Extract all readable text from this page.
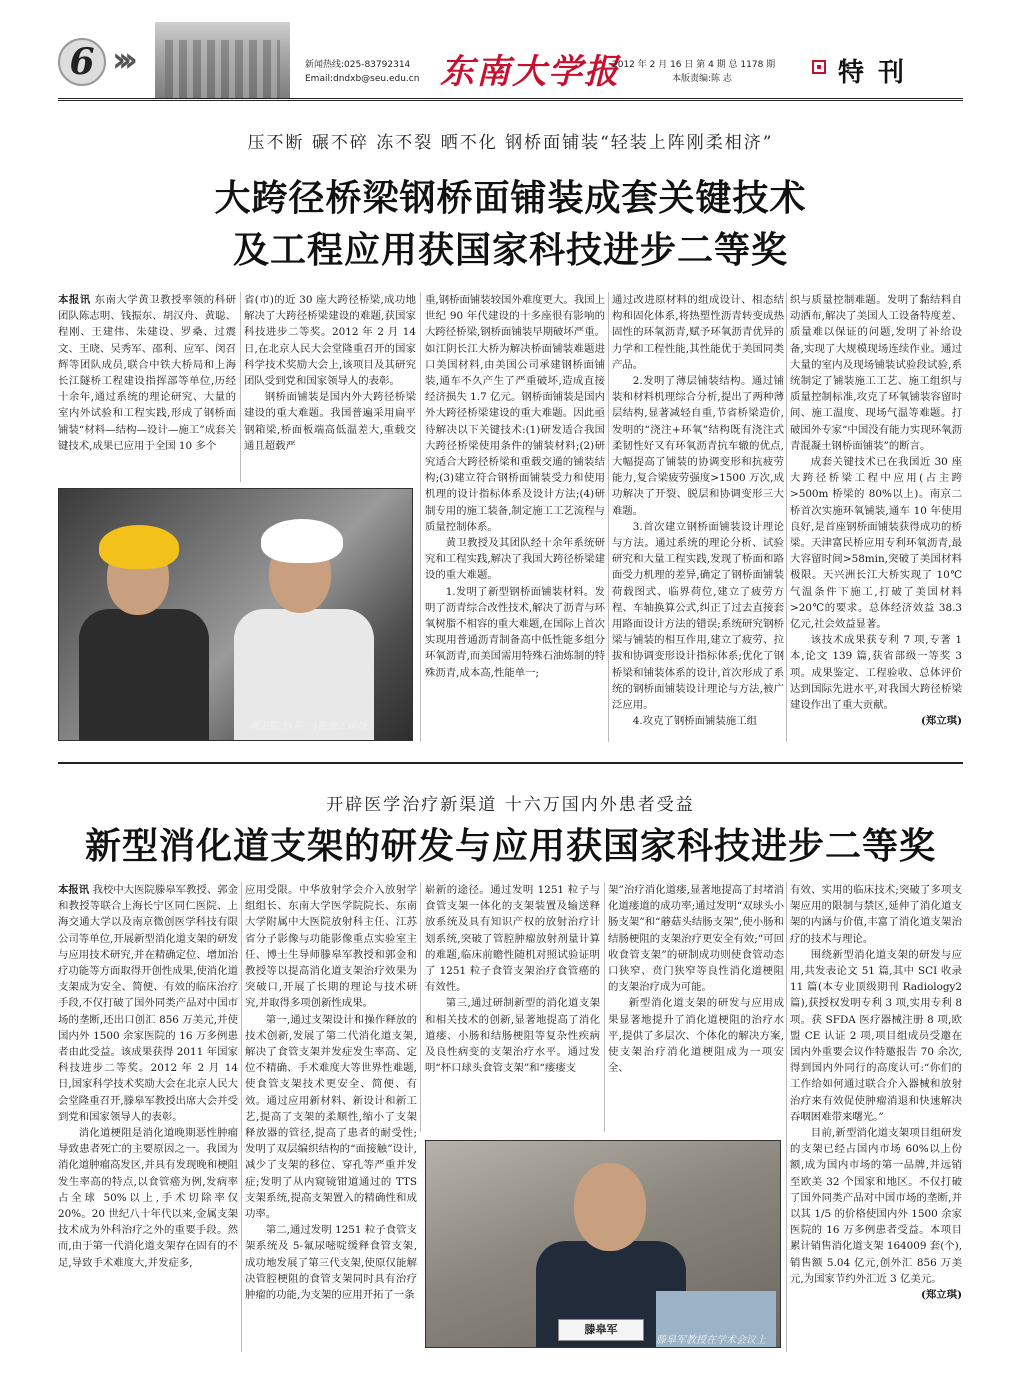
6 ›››	新闻热线:025-83792314
Email:dndxb@seu.edu.cn 东南大学报
2012 年 2 月 16 日 第 4 期 总 1178 期
本版责编:陈 志	特刊
压不断 碾不碎 冻不裂 晒不化 钢桥面铺装“轻装上阵刚柔相济”
大跨径桥梁钢桥面铺装成套关键技术
及工程应用获国家科技进步二等奖

本报讯 东南大学黄卫教授率领的科研团队陈志明、钱振东、胡汉舟、黄聪、程刚、王建伟、朱建设、罗桑、过震文、王晓、吴秀军、邵利、应军、闵召辉等团队成员,联合中铁大桥局和上海长江隧桥工程建设指挥部等单位,历经十余年,通过系统的理论研究、大量的室内外试验和工程实践,形成了钢桥面铺装“材料—结构—设计—施工”成套关键技术,成果已应用于全国 10 多个

省(市)的近 30 座大跨径桥梁,成功地解决了大跨径桥梁建设的难题,获国家科技进步二等奖。2012 年 2 月 14 日,在北京人民大会堂隆重召开的国家科学技术奖励大会上,该项目及其研究团队受到党和国家领导人的表彰。

钢桥面铺装是国内外大跨径桥梁建设的重大难题。我国普遍采用扁平钢箱梁,桥面板端高低温差大,重载交通且超载严

黄卫院士(左一)在施工现场

重,钢桥面铺装较国外难度更大。我国上世纪 90 年代建设的十多座很有影响的大跨径桥梁,钢桥面铺装早期破坏严重。如江阴长江大桥为解决桥面铺装难题进口美国材料,由美国公司承建钢桥面铺装,通车不久产生了严重破坏,造成直接经济损失 1.7 亿元。钢桥面铺装是国内外大跨径桥梁建设的重大难题。因此亟待解决以下关键技术:(1)研发适合我国大跨径桥梁使用条件的铺装材料;(2)研究适合大跨径桥梁和重载交通的铺装结构;(3)建立符合钢桥面铺装受力和使用机理的设计指标体系及设计方法;(4)研制专用的施工装备,制定施工工艺流程与质量控制体系。

黄卫教授及其团队经十余年系统研究和工程实践,解决了我国大跨径桥梁建设的重大难题。

1.发明了新型钢桥面铺装材料。发明了沥青综合改性技术,解决了沥青与环氧树脂不相容的重大难题,在国际上首次实现用普通沥青制备高中低性能多组分环氧沥青,而美国需用特殊石油炼制的特殊沥青,成本高,性能单一;

通过改进原材料的组成设计、相态结构和固化体系,将热塑性沥青转变成热固性的环氧沥青,赋予环氧沥青优异的力学和工程性能,其性能优于美国同类产品。

2.发明了薄层铺装结构。通过铺装和材料机理综合分析,提出了两种薄层结构,显著减轻自重,节省桥梁造价,发明的“浇注+环氧”结构既有浇注式柔韧性好又有环氧沥青抗车辙的优点,大幅提高了铺装的协调变形和抗疲劳能力,复合梁疲劳强度>1500 万次,成功解决了开裂、脱层和协调变形三大难题。

3.首次建立钢桥面铺装设计理论与方法。通过系统的理论分析、试验研究和大量工程实践,发现了桥面和路面受力机理的差异,确定了钢桥面铺装荷载图式、临界荷位,建立了疲劳方程、车轴换算公式,纠正了过去直接套用路面设计方法的错误;系统研究钢桥梁与铺装的相互作用,建立了疲劳、拉拔和协调变形设计指标体系;优化了钢桥梁和铺装体系的设计,首次形成了系统的钢桥面铺装设计理论与方法,被广泛应用。

4.攻克了钢桥面铺装施工组

织与质量控制难题。发明了黏结料自动洒布,解决了美国人工设备特度差、质量难以保证的问题,发明了补给设备,实现了大规模现场连续作业。通过大量的室内及现场铺装试验段试验,系统制定了铺装施工工艺、施工组织与质量控制标准,攻克了环氧铺装容留时间、施工温度、现场气温等难题。打破国外专家“中国没有能力实现环氧沥青混凝土钢桥面铺装”的断言。

成套关键技术已在我国近 30 座大跨径桥梁工程中应用(占主跨>500m 桥梁的 80%以上)。南京二桥首次实施环氧铺装,通车 10 年使用良好,是首座钢桥面铺装获得成功的桥梁。天津富民桥应用专利环氧沥青,最大容留时间>58min,突破了美国材料极限。天兴洲长江大桥实现了 10℃气温条件下施工,打破了美国材料>20℃的要求。总体经济效益 38.3 亿元,社会效益显著。

该技术成果获专利 7 项,专著 1 本,论文 139 篇,获省部级一等奖 3 项。成果鉴定、工程验收、总体评价达到国际先进水平,对我国大跨径桥梁建设作出了重大贡献。

(郑立琪)

开辟医学治疗新渠道 十六万国内外患者受益
新型消化道支架的研发与应用获国家科技进步二等奖

本报讯 我校中大医院滕皋军教授、郭金和教授等联合上海长宁区同仁医院、上海交通大学以及南京微创医学科技有限公司等单位,开展新型消化道支架的研发与应用技术研究,并在精确定位、增加治疗功能等方面取得开创性成果,使消化道支架成为安全、简便、有效的临床治疗手段,不仅打破了国外同类产品对中国市场的垄断,还出口创汇 856 万美元,并使国内外 1500 余家医院的 16 万多例患者由此受益。该成果获得 2011 年国家科技进步二等奖。2012 年 2 月 14 日,国家科学技术奖励大会在北京人民大会堂隆重召开,滕皋军教授出席大会并受到党和国家领导人的表彰。

消化道梗阻是消化道晚期恶性肿瘤导致患者死亡的主要原因之一。我国为消化道肿瘤高发区,并具有发现晚和梗阻发生率高的特点,以食管癌为例,发病率占全球 50%以上,手术切除率仅 20%。20 世纪八十年代以来,金属支架技术成为外科治疗之外的重要手段。然而,由于第一代消化道支架存在固有的不足,导致手术难度大,并发症多,

应用受限。中华放射学会介入放射学组组长、东南大学医学院院长、东南大学附属中大医院放射科主任、江苏省分子影像与功能影像重点实验室主任、博士生导师滕皋军教授和郭金和教授等以提高消化道支架治疗效果为突破口,开展了长期的理论与技术研究,并取得多项创新性成果。

第一,通过支架设计和操作释放的技术创新,发展了第二代消化道支架,解决了食管支架并发症发生率高、定位不精确、手术难度大等世界性难题,使食管支架技术更安全、简便、有效。通过应用新材料、新设计和新工艺,提高了支架的柔顺性,缩小了支架释放器的管径,提高了患者的耐受性;发明了双层编织结构的“面接触”设计,减少了支架的移位、穿孔等严重并发症;发明了从内窥镜钳道通过的 TTS 支架系统,提高支架置入的精确性和成功率。

第二,通过发明 1251 粒子食管支架系统及 5-氟尿嘧啶缓释食管支架,成功地发展了第三代支架,使原仅能解决管腔梗阻的食管支架同时具有治疗肿瘤的功能,为支架的应用开拓了一条

崭新的途径。通过发明 1251 粒子与食管支架一体化的支架装置及输送释放系统及具有知识产权的放射治疗计划系统,突破了管腔肿瘤放射剂量计算的难题,临床前瞻性随机对照试验证明了 1251 粒子食管支架治疗食管癌的有效性。

第三,通过研制新型的消化道支架和相关技术的创新,显著地提高了消化道瘘、小肠和结肠梗阻等复杂性疾病及良性病变的支架治疗水平。通过发明“杯口球头食管支架”和“瘘瘘支

架”治疗消化道瘘,显著地提高了封堵消化道瘘道的成功率;通过发明“双球头小肠支架”和“蘑菇头结肠支架”,使小肠和结肠梗阻的支架治疗更安全有效;“可回收食管支架”的研制成功则使食管动态口狭窄、贲门狭窄等良性消化道梗阻的支架治疗成为可能。

新型消化道支架的研发与应用成果显著地提升了消化道梗阻的治疗水平,提供了多层次、个体化的解决方案,使支架治疗消化道梗阻成为一项安全、

滕皋军
滕皋军教授在学术会议上

有效、实用的临床技术;突破了多项支架应用的限制与禁区,延伸了消化道支架的内涵与价值,丰富了消化道支架治疗的技术与理论。

围绕新型消化道支架的研发与应用,共发表论文 51 篇,其中 SCI 收录 11 篇(本专业顶级期刊 Radiology2 篇),获授权发明专利 3 项,实用专利 8 项。获 SFDA 医疗器械注册 8 项,欧盟 CE 认证 2 项,项目组成员受邀在国内外重要会议作特邀报告 70 余次,得到国内外同行的高度认可:“你们的工作给如何通过联合介入器械和放射治疗来有效促使肿瘤消退和快速解决吞咽困难带来曙光。”

目前,新型消化道支架项目组研发的支架已经占国内市场 60%以上份额,成为国内市场的第一品牌,并远销至欧美 32 个国家和地区。不仅打破了国外同类产品对中国市场的垄断,并以其 1/5 的价格使国内外 1500 余家医院的 16 万多例患者受益。本项目累计销售消化道支架 164009 套(个),销售额 5.04 亿元,创外汇 856 万美元,为国家节约外汇近 3 亿美元。

(郑立琪)
